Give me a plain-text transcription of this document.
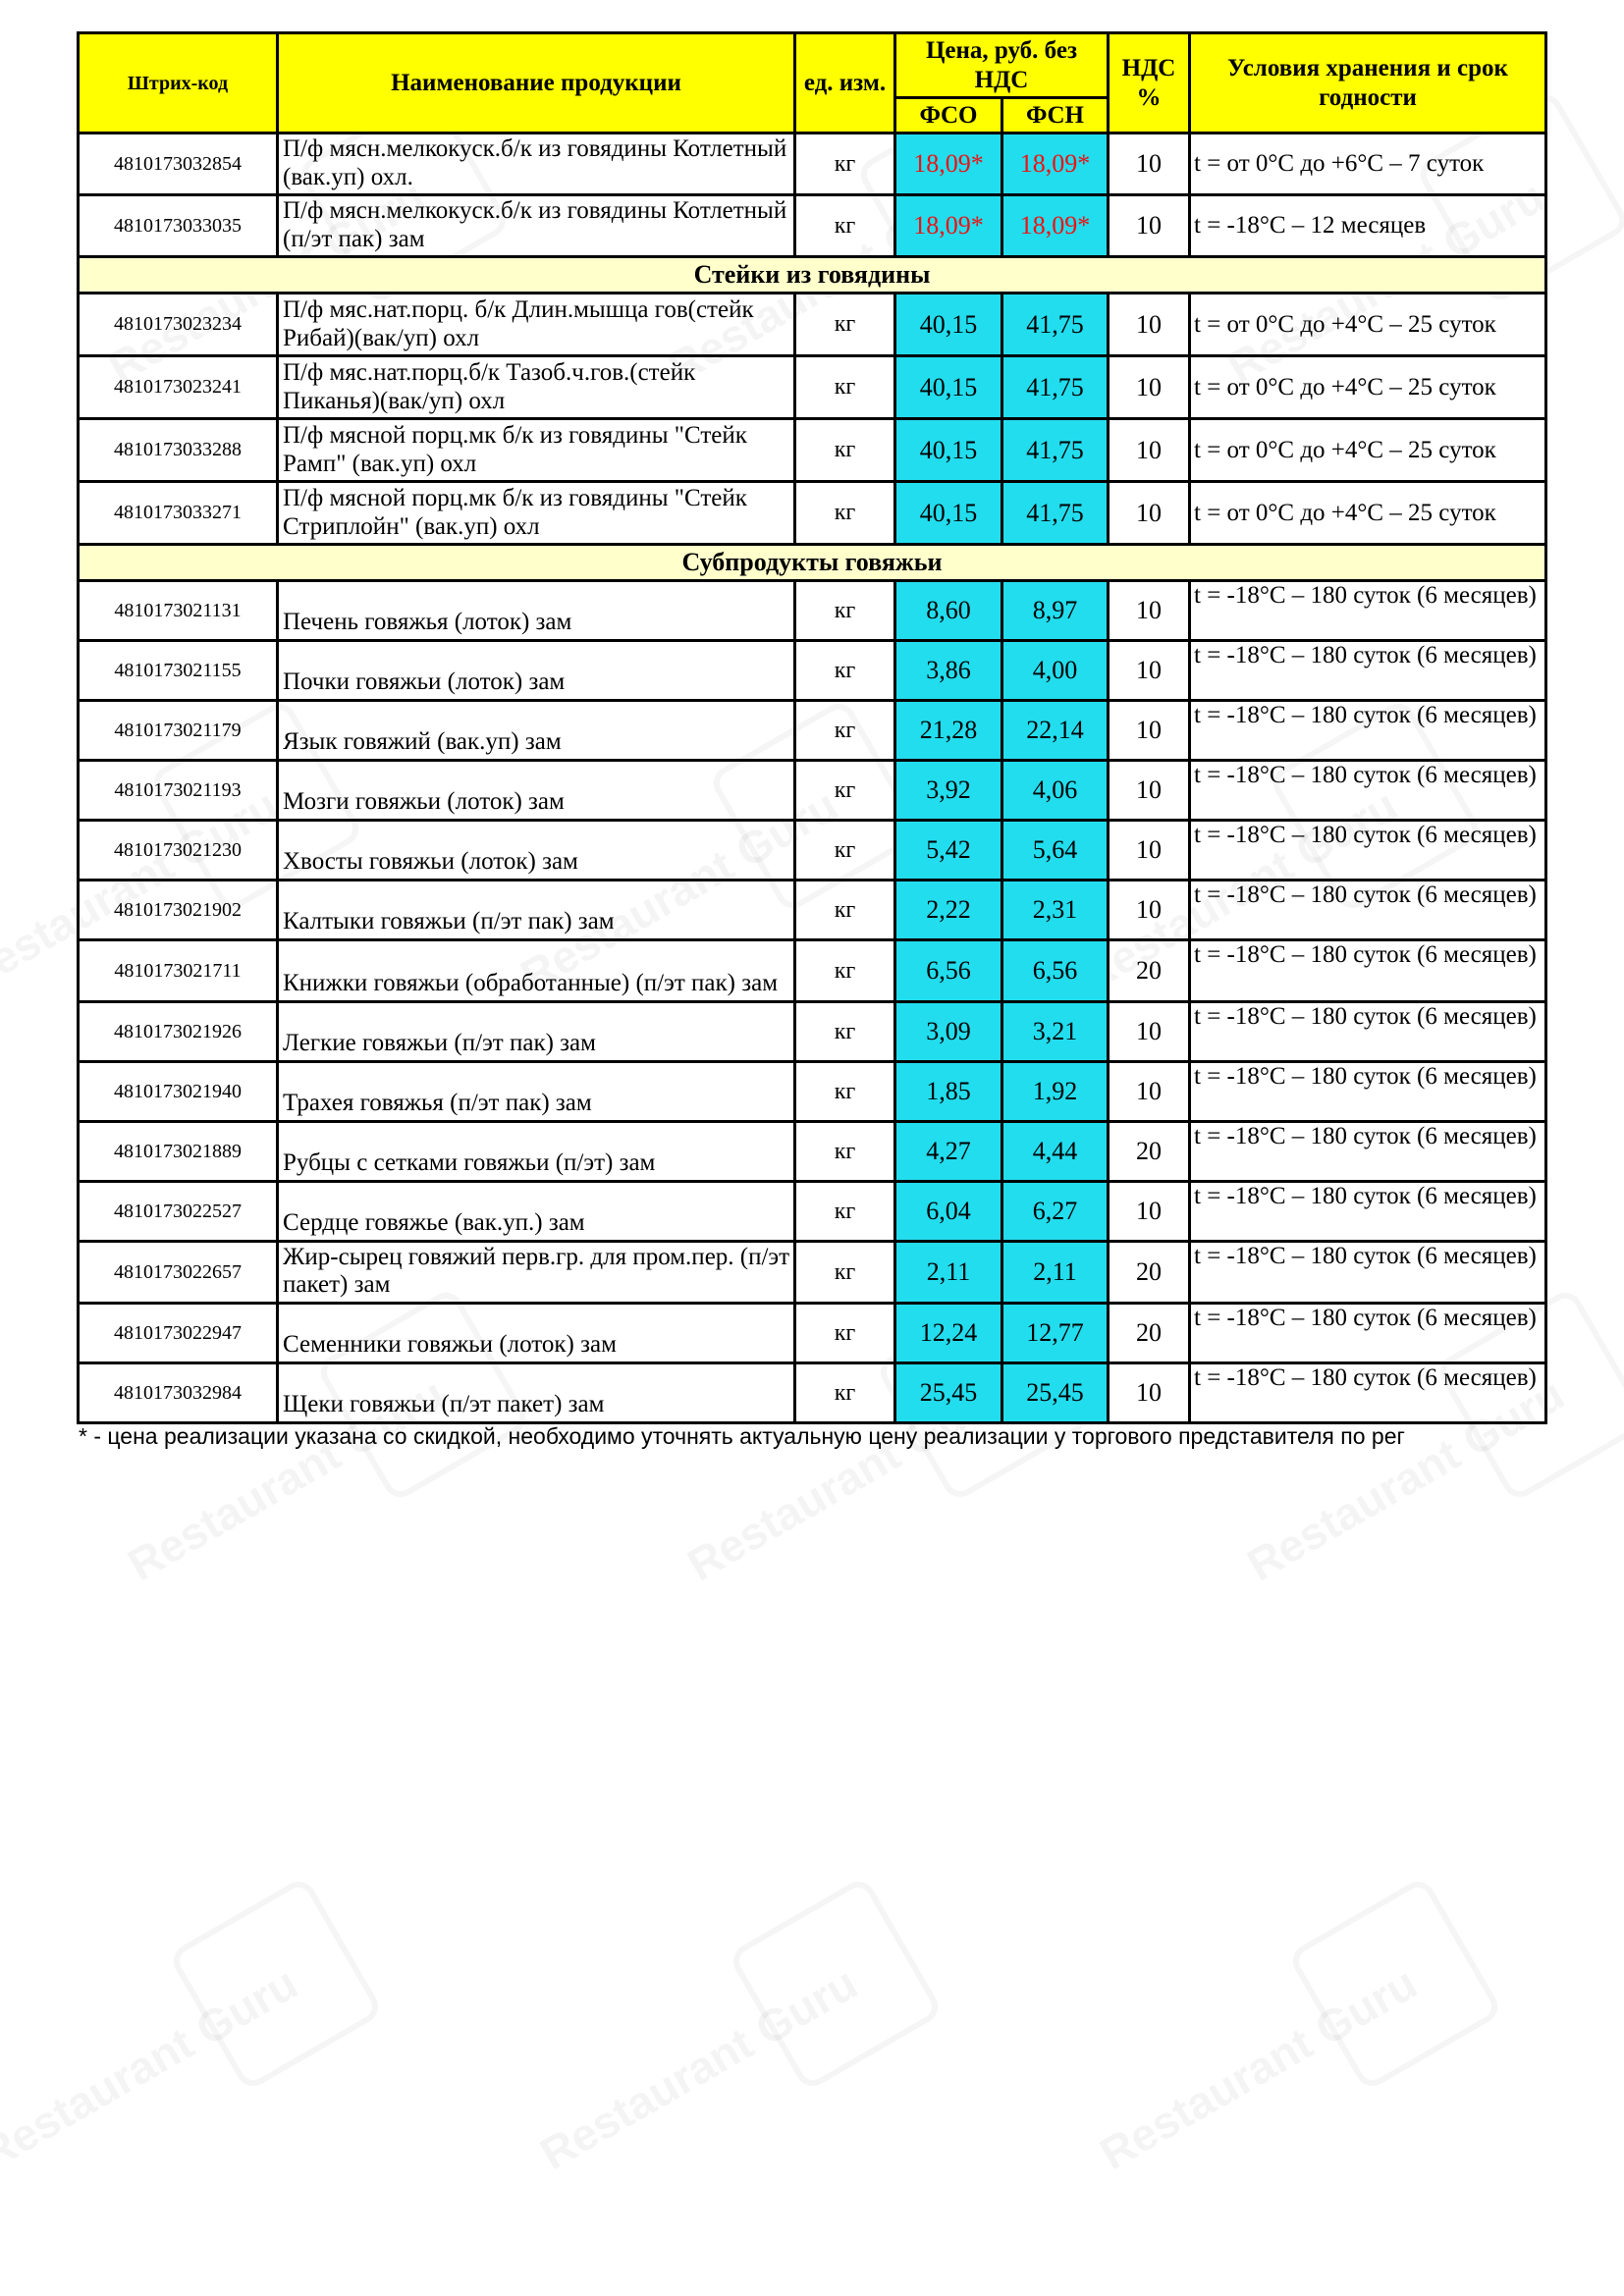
Штрих-код	Наименование продукции	ед. изм.	Цена, руб. без НДС		НДС %	Условия хранения и срок годности
			ФСО	ФСН		
4810173032854	П/ф мясн.мелкокуск.б/к из говядины Котлетный (вак.уп) охл.	кг	18,09*	18,09*	10	t = от 0°С до +6°С – 7 суток
4810173033035	П/ф мясн.мелкокуск.б/к из говядины Котлетный (п/эт пак) зам	кг	18,09*	18,09*	10	t = -18°С – 12 месяцев
Стейки из говядины						
4810173023234	П/ф мяс.нат.порц. б/к Длин.мышца гов(стейк Рибай)(вак/уп) охл	кг	40,15	41,75	10	t = от 0°С до +4°С – 25 суток
4810173023241	П/ф мяс.нат.порц.б/к Тазоб.ч.гов.(стейк Пиканья)(вак/уп) охл	кг	40,15	41,75	10	t = от 0°С до +4°С – 25 суток
4810173033288	П/ф мясной порц.мк б/к из говядины "Стейк Рамп" (вак.уп) охл	кг	40,15	41,75	10	t = от 0°С до +4°С – 25 суток
4810173033271	П/ф мясной порц.мк б/к из говядины "Стейк Стриплойн" (вак.уп) охл	кг	40,15	41,75	10	t = от 0°С до +4°С – 25 суток
Субпродукты говяжьи						
4810173021131	Печень говяжья (лоток) зам	кг	8,60	8,97	10	t = -18°С – 180 суток (6 месяцев)
4810173021155	Почки говяжьи (лоток) зам	кг	3,86	4,00	10	t = -18°С – 180 суток (6 месяцев)
4810173021179	Язык говяжий (вак.уп) зам	кг	21,28	22,14	10	t = -18°С – 180 суток (6 месяцев)
4810173021193	Мозги говяжьи (лоток) зам	кг	3,92	4,06	10	t = -18°С – 180 суток (6 месяцев)
4810173021230	Хвосты говяжьи (лоток) зам	кг	5,42	5,64	10	t = -18°С – 180 суток (6 месяцев)
4810173021902	Калтыки говяжьи (п/эт пак) зам	кг	2,22	2,31	10	t = -18°С – 180 суток (6 месяцев)
4810173021711	Книжки говяжьи (обработанные) (п/эт пак) зам	кг	6,56	6,56	20	t = -18°С – 180 суток (6 месяцев)
4810173021926	Легкие говяжьи (п/эт пак) зам	кг	3,09	3,21	10	t = -18°С – 180 суток (6 месяцев)
4810173021940	Трахея говяжья (п/эт пак) зам	кг	1,85	1,92	10	t = -18°С – 180 суток (6 месяцев)
4810173021889	Рубцы с сетками говяжьи (п/эт) зам	кг	4,27	4,44	20	t = -18°С – 180 суток (6 месяцев)
4810173022527	Сердце говяжье (вак.уп.) зам	кг	6,04	6,27	10	t = -18°С – 180 суток (6 месяцев)
4810173022657	Жир-сырец говяжий перв.гр. для пром.пер. (п/эт пакет) зам	кг	2,11	2,11	20	t = -18°С – 180 суток (6 месяцев)
4810173022947	Семенники говяжьи (лоток) зам	кг	12,24	12,77	20	t = -18°С – 180 суток (6 месяцев)
4810173032984	Щеки говяжьи (п/эт пакет) зам	кг	25,45	25,45	10	t = -18°С – 180 суток (6 месяцев)
* - цена реализации указана со скидкой, необходимо уточнять актуальную цену реализации у торгового представителя по рег
